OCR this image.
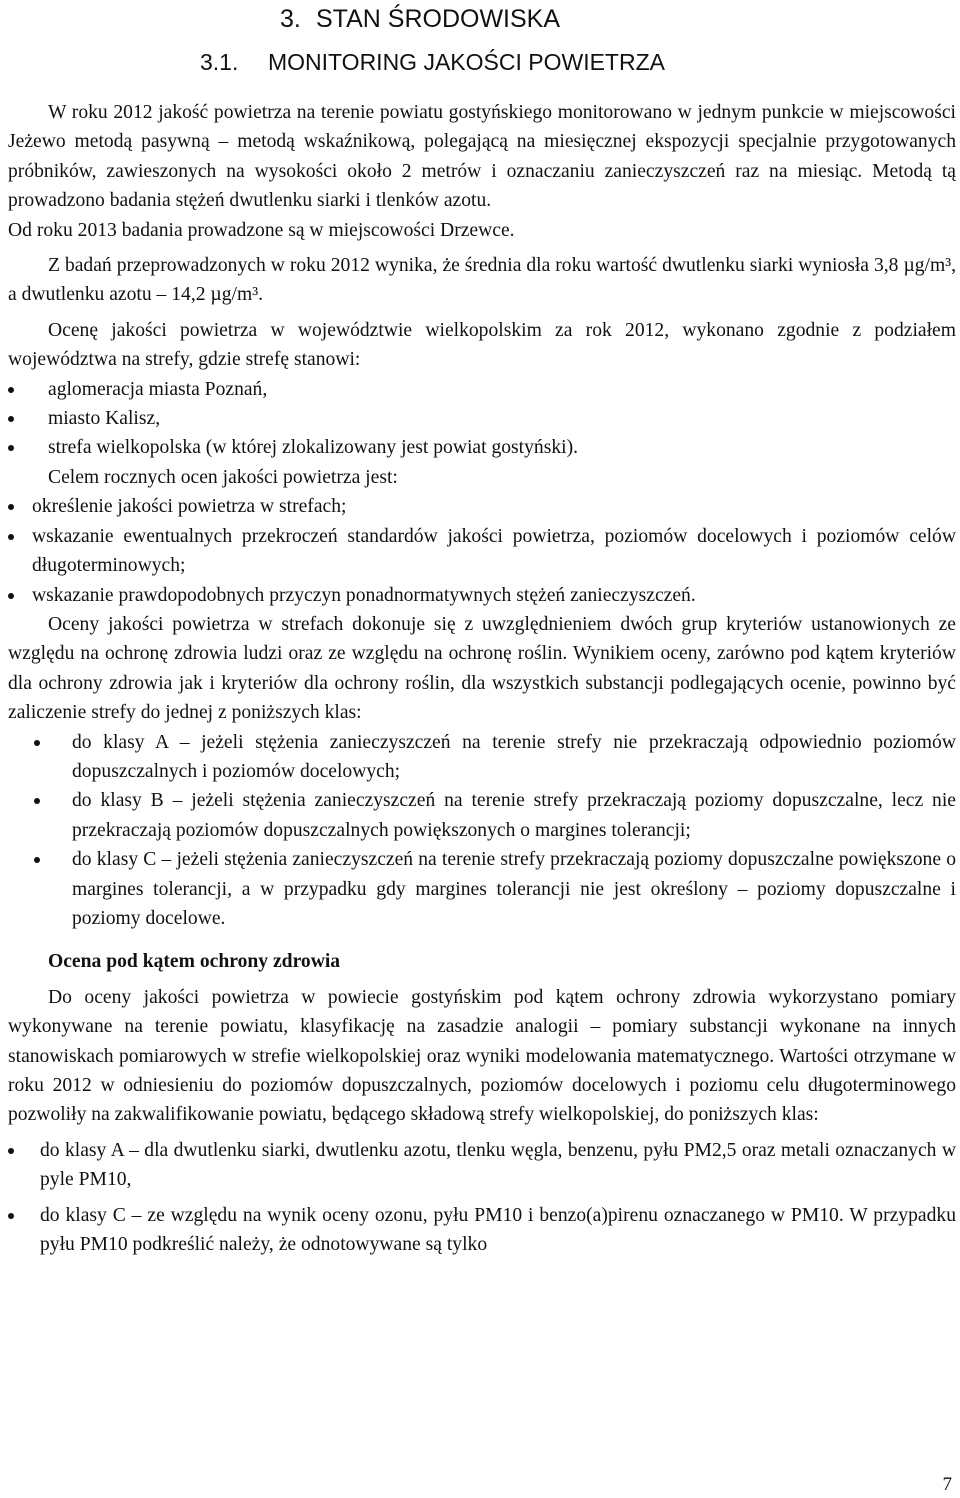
3. STAN ŚRODOWISKA
3.1. MONITORING JAKOŚCI POWIETRZA

W roku 2012 jakość powietrza na terenie powiatu gostyńskiego monitorowano w jednym punkcie w miejscowości Jeżewo metodą pasywną – metodą wskaźnikową, polegającą na miesięcznej ekspozycji specjalnie przygotowanych próbników, zawieszonych na wysokości około 2 metrów i oznaczaniu zanieczyszczeń raz na miesiąc. Metodą tą prowadzono badania stężeń dwutlenku siarki i tlenków azotu.

Od roku 2013 badania prowadzone są w miejscowości Drzewce.

Z badań przeprowadzonych w roku 2012 wynika, że średnia dla roku wartość dwutlenku siarki wyniosła 3,8 µg/m³, a dwutlenku azotu – 14,2 µg/m³.

Ocenę jakości powietrza w województwie wielkopolskim za rok 2012, wykonano zgodnie z podziałem województwa na strefy, gdzie strefę stanowi:

aglomeracja miasta Poznań,
miasto Kalisz,
strefa wielkopolska (w której zlokalizowany jest powiat gostyński).

Celem rocznych ocen jakości powietrza jest:

określenie jakości powietrza w strefach;
wskazanie ewentualnych przekroczeń standardów jakości powietrza, poziomów docelowych i poziomów celów długoterminowych;
wskazanie prawdopodobnych przyczyn ponadnormatywnych stężeń zanieczyszczeń.

Oceny jakości powietrza w strefach dokonuje się z uwzględnieniem dwóch grup kryteriów ustanowionych ze względu na ochronę zdrowia ludzi oraz ze względu na ochronę roślin. Wynikiem oceny, zarówno pod kątem kryteriów dla ochrony zdrowia jak i kryteriów dla ochrony roślin, dla wszystkich substancji podlegających ocenie, powinno być zaliczenie strefy do jednej z poniższych klas:

do klasy A – jeżeli stężenia zanieczyszczeń na terenie strefy nie przekraczają odpowiednio poziomów dopuszczalnych i poziomów docelowych;
do klasy B – jeżeli stężenia zanieczyszczeń na terenie strefy przekraczają poziomy dopuszczalne, lecz nie przekraczają poziomów dopuszczalnych powiększonych o margines tolerancji;
do klasy C – jeżeli stężenia zanieczyszczeń na terenie strefy przekraczają poziomy dopuszczalne powiększone o margines tolerancji, a w przypadku gdy margines tolerancji nie jest określony – poziomy dopuszczalne i poziomy docelowe.

Ocena pod kątem ochrony zdrowia

Do oceny jakości powietrza w powiecie gostyńskim pod kątem ochrony zdrowia wykorzystano pomiary wykonywane na terenie powiatu, klasyfikację na zasadzie analogii – pomiary substancji wykonane na innych stanowiskach pomiarowych w strefie wielkopolskiej oraz wyniki modelowania matematycznego. Wartości otrzymane w roku 2012 w odniesieniu do poziomów dopuszczalnych, poziomów docelowych i poziomu celu długoterminowego pozwoliły na zakwalifikowanie powiatu, będącego składową strefy wielkopolskiej, do poniższych klas:

do klasy A – dla dwutlenku siarki, dwutlenku azotu, tlenku węgla, benzenu, pyłu PM2,5 oraz metali oznaczanych w pyle PM10,
do klasy C – ze względu na wynik oceny ozonu, pyłu PM10 i benzo(a)pirenu oznaczanego w PM10. W przypadku pyłu PM10 podkreślić należy, że odnotowywane są tylko
7
